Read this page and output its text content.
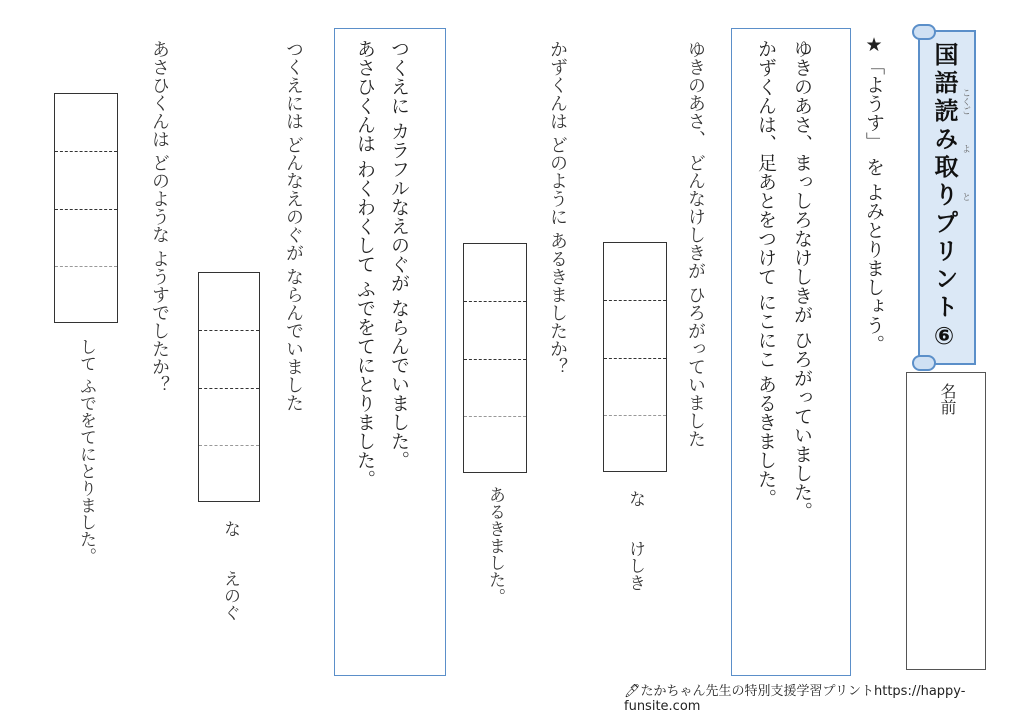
国語読み取りプリント⑥ こくご
よ
と
★「ようす」 を よみとりましょう。
名前
ゆきのあさ、まっしろなけしきが ひろがっていました。
かずくんは、足あとをつけて にこにこ あるきました。
ゆきのあさ、 どんなけしきが ひろがっていました
な
けしき
かずくんは どのように あるきましたか？
あるきました。
つくえに カラフルなえのぐが ならんでいました。
あさひくんは わくわくして ふでをてにとりました。
つくえには どんなえのぐが ならんでいました
な
えのぐ
あさひくんは どのような ようすでしたか？
して ふでをてにとりました。
🖊たかちゃん先生の特別支援学習プリントhttps://happy-funsite.com
